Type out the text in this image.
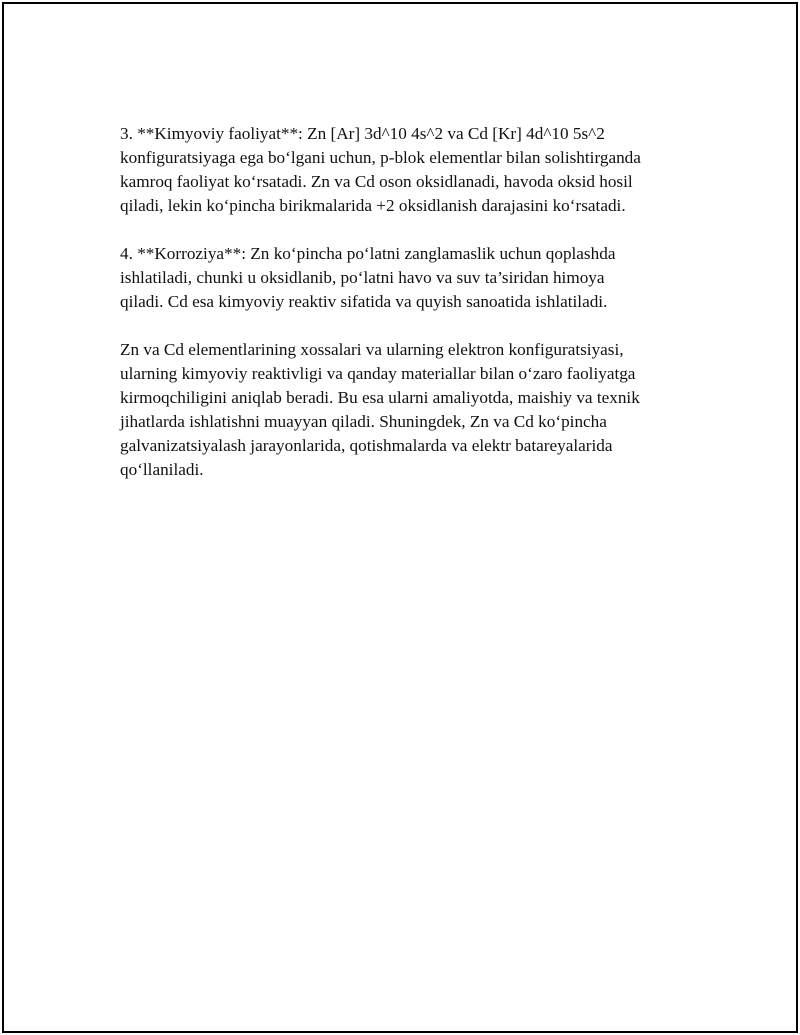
3. **Kimyoviy faoliyat**: Zn [Ar] 3d^10 4s^2 va Cd [Kr] 4d^10 5s^2
konfiguratsiyaga ega bo‘lgani uchun, p-blok elementlar bilan solishtirganda
kamroq faoliyat ko‘rsatadi. Zn va Cd oson oksidlanadi, havoda oksid hosil
qiladi, lekin ko‘pincha birikmalarida +2 oksidlanish darajasini ko‘rsatadi.

4. **Korroziya**: Zn ko‘pincha po‘latni zanglamaslik uchun qoplashda
ishlatiladi, chunki u oksidlanib, po‘latni havo va suv ta’siridan himoya
qiladi. Cd esa kimyoviy reaktiv sifatida va quyish sanoatida ishlatiladi.

Zn va Cd elementlarining xossalari va ularning elektron konfiguratsiyasi,
ularning kimyoviy reaktivligi va qanday materiallar bilan o‘zaro faoliyatga
kirmoqchiligini aniqlab beradi. Bu esa ularni amaliyotda, maishiy va texnik
jihatlarda ishlatishni muayyan qiladi. Shuningdek, Zn va Cd ko‘pincha
galvanizatsiyalash jarayonlarida, qotishmalarda va elektr batareyalarida
qo‘llaniladi.
